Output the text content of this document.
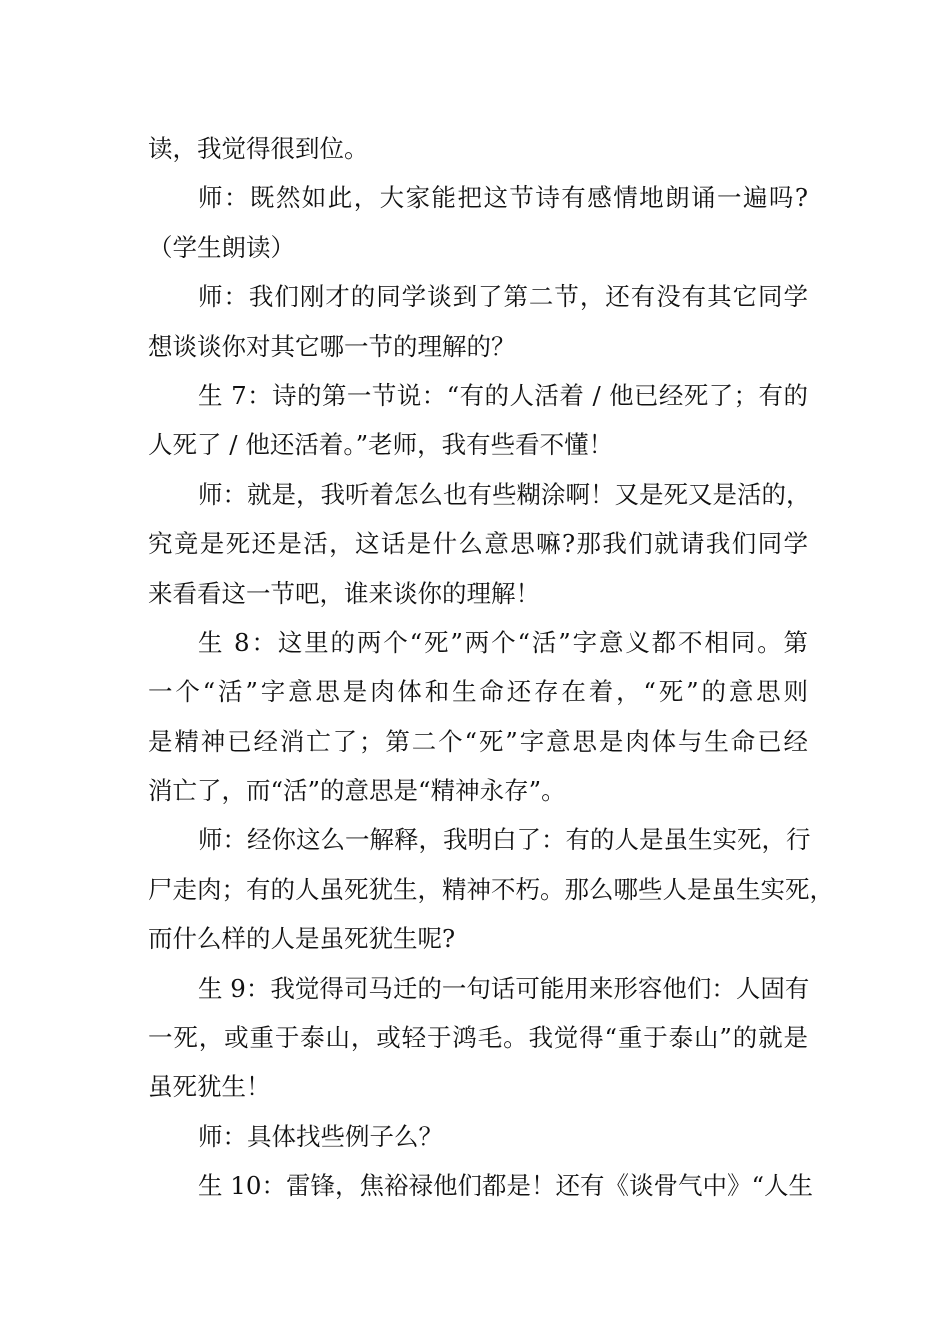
读，我觉得很到位。
师：既然如此，大家能把这节诗有感情地朗诵一遍吗?
（学生朗读）
师：我们刚才的同学谈到了第二节，还有没有其它同学
想谈谈你对其它哪一节的理解的？
生 7：诗的第一节说：“有的人活着 / 他已经死了；有的
人死了 / 他还活着。”老师，我有些看不懂！
师：就是，我听着怎么也有些糊涂啊！又是死又是活的，
究竟是死还是活，这话是什么意思嘛?那我们就请我们同学
来看看这一节吧，谁来谈你的理解！
生 8：这里的两个“死”两个“活”字意义都不相同。第
一个“活”字意思是肉体和生命还存在着，“死”的意思则
是精神已经消亡了；第二个“死”字意思是肉体与生命已经
消亡了，而“活”的意思是“精神永存”。
师：经你这么一解释，我明白了：有的人是虽生实死，行
尸走肉；有的人虽死犹生，精神不朽。那么哪些人是虽生实死，
而什么样的人是虽死犹生呢?
生 9：我觉得司马迁的一句话可能用来形容他们：人固有
一死，或重于泰山，或轻于鸿毛。我觉得“重于泰山”的就是
虽死犹生！
师：具体找些例子么？
生 10：雷锋，焦裕禄他们都是！还有《谈骨气中》“人生
